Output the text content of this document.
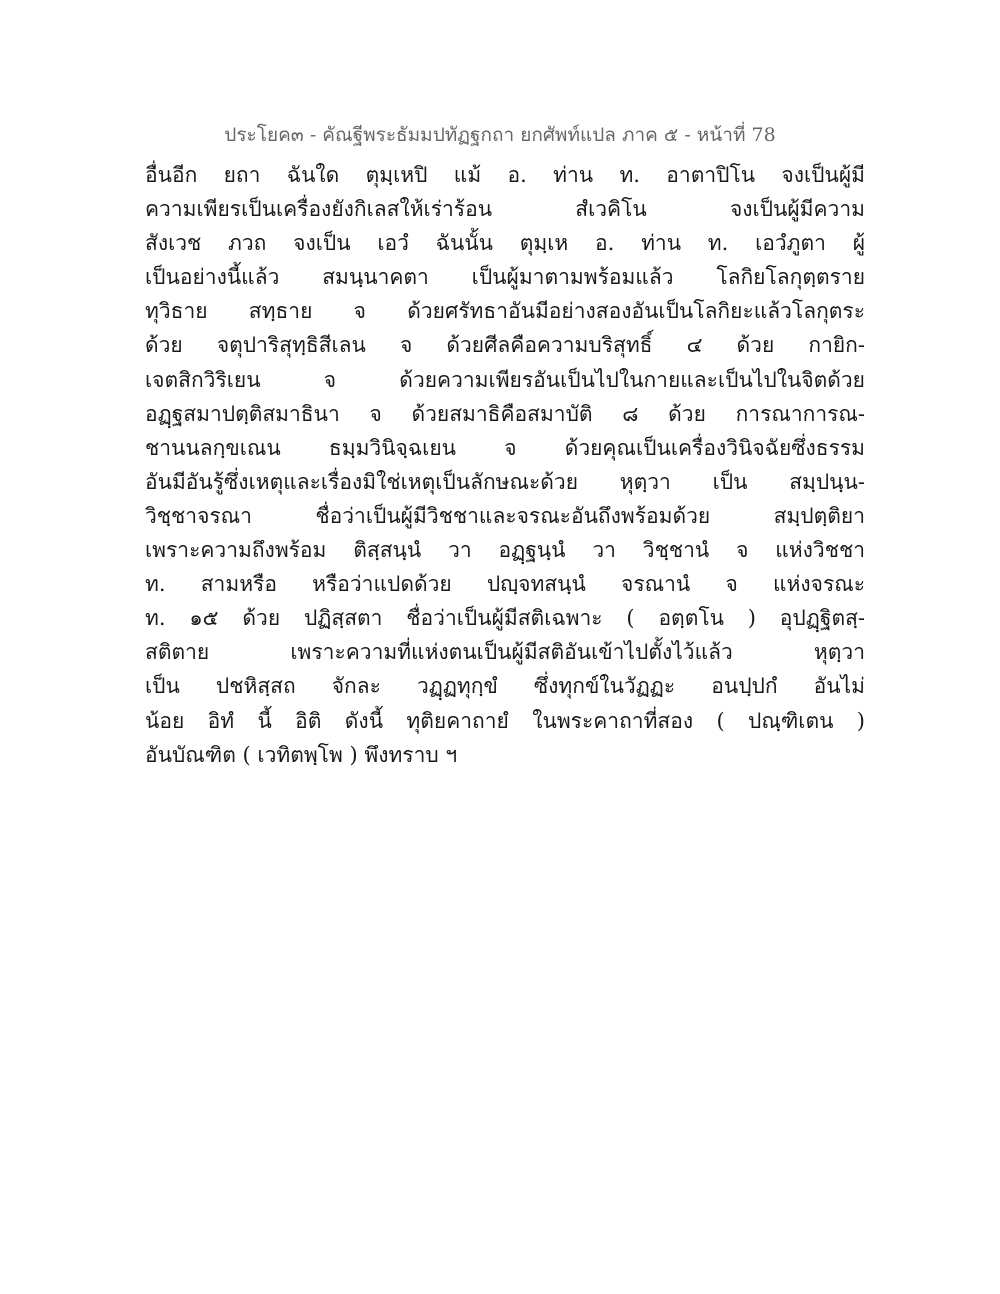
ประโยค๓ - คัณฐีพระธัมมปทัฏฐกถา ยกศัพท์แปล ภาค ๕ - หน้าที่ 78
อื่นอีก ยถา ฉันใด ตุมฺเหปิ แม้ อ. ท่าน ท. อาตาปิโน จงเป็นผู้มี
ความเพียรเป็นเครื่องยังกิเลสให้เร่าร้อน สํเวคิโน จงเป็นผู้มีความ
สังเวช ภวถ จงเป็น เอวํ ฉันนั้น ตุมฺเห อ. ท่าน ท. เอวํภูตา ผู้
เป็นอย่างนี้แล้ว สมนฺนาคตา เป็นผู้มาตามพร้อมแล้ว โลกิยโลกุตฺตราย
ทุวิธาย สทฺธาย จ ด้วยศรัทธาอันมีอย่างสองอันเป็นโลกิยะแล้วโลกุตระ
ด้วย จตุปาริสุทฺธิสีเลน จ ด้วยศีลคือความบริสุทธิ์ ๔ ด้วย กายิก-
เจตสิกวิริเยน จ ด้วยความเพียรอันเป็นไปในกายและเป็นไปในจิตด้วย
อฏฺฐสมาปตฺติสมาธินา จ ด้วยสมาธิคือสมาบัติ ๘ ด้วย การณาการณ-
ชานนลกฺขเณน ธมฺมวินิจฺฉเยน จ ด้วยคุณเป็นเครื่องวินิจฉัยซึ่งธรรม
อันมีอันรู้ซึ่งเหตุและเรื่องมิใช่เหตุเป็นลักษณะด้วย หุตฺวา เป็น สมฺปนฺน-
วิชฺชาจรณา ชื่อว่าเป็นผู้มีวิชชาและจรณะอันถึงพร้อมด้วย สมฺปตฺติยา
เพราะความถึงพร้อม ติสฺสนฺนํ วา อฏฺฐนฺนํ วา วิชฺชานํ จ แห่งวิชชา
ท. สามหรือ หรือว่าแปดด้วย ปญฺจทสนฺนํ จรณานํ จ แห่งจรณะ
ท. ๑๕ ด้วย ปฏิสฺสตา ชื่อว่าเป็นผู้มีสติเฉพาะ ( อตฺตโน ) อุปฏฺฐิตสฺ-
สติตาย เพราะความที่แห่งตนเป็นผู้มีสติอันเข้าไปตั้งไว้แล้ว หุตฺวา
เป็น ปชหิสฺสถ จักละ วฏฺฏทุกฺขํ ซึ่งทุกข์ในวัฏฏะ อนปฺปกํ อันไม่
น้อย อิทํ นี้ อิติ ดังนี้ ทุติยคาถายํ ในพระคาถาที่สอง ( ปณฺฑิเตน )
อันบัณฑิต ( เวทิตพฺโพ ) พึงทราบ ฯ
